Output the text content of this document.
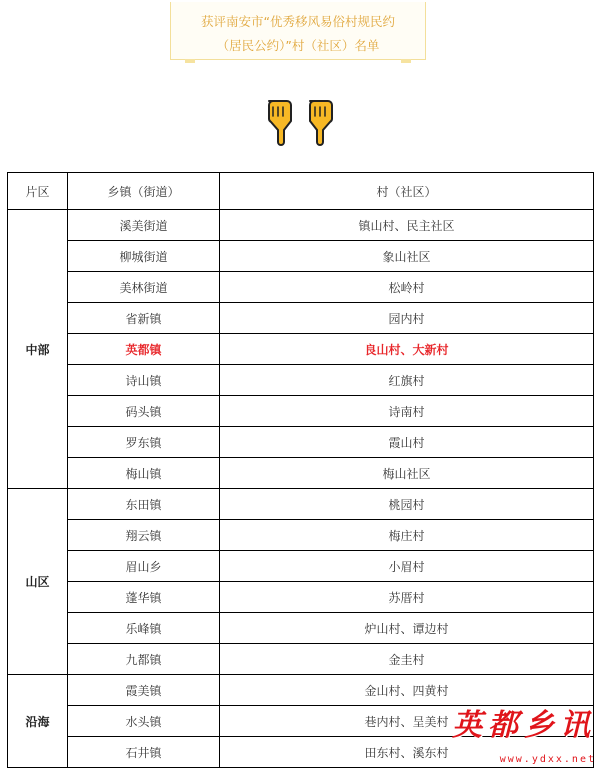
获评南安市“优秀移风易俗村规民约
（居民公约）”村（社区）名单
片区	乡镇（街道）	村（社区）
中部	溪美街道	镇山村、民主社区
	柳城街道	象山社区
	美林街道	松岭村
	省新镇	园内村
	英都镇	良山村、大新村
	诗山镇	红旗村
	码头镇	诗南村
	罗东镇	霞山村
	梅山镇	梅山社区
山区	东田镇	桃园村
	翔云镇	梅庄村
	眉山乡	小眉村
	蓬华镇	苏厝村
	乐峰镇	炉山村、谭边村
	九都镇	金圭村
沿海	霞美镇	金山村、四黄村
	水头镇	巷内村、呈美村
	石井镇	田东村、溪东村
英都乡讯
www.ydxx.net
